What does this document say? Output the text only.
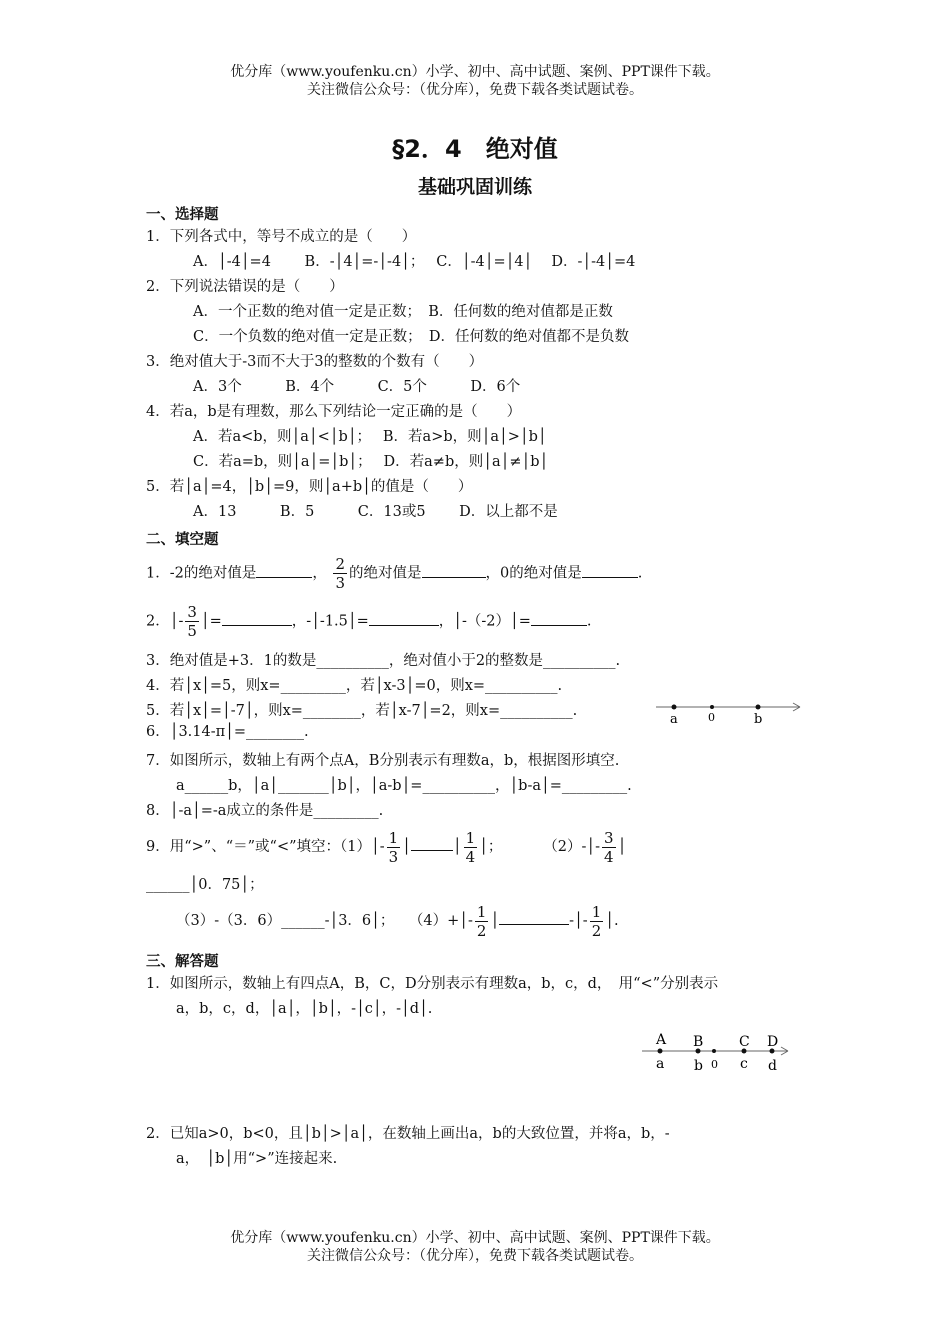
优分库（www.youfenku.cn）小学、初中、高中试题、案例、PPT课件下载。
关注微信公众号：（优分库），免费下载各类试题试卷。
§2．4　绝对值
基础巩固训练
一、选择题
1．下列各式中，等号不成立的是（　　）
A．│-4│=4　　 B．-│4│=-│-4│；　 C．│-4│=│4│　 D．-│-4│=4
2．下列说法错误的是（　　）
A．一个正数的绝对值一定是正数；　B．任何数的绝对值都是正数
C．一个负数的绝对值一定是正数；　D．任何数的绝对值都不是负数
3．绝对值大于-3而不大于3的整数的个数有（　　）
A．3个　　　B．4个　　　C．5个　　　D．6个
4．若a，b是有理数，那么下列结论一定正确的是（　　）
A．若a<b，则│a│<│b│；　 B．若a>b，则│a│>│b│
C．若a=b，则│a│=│b│；　 D．若a≠b，则│a│≠│b│
5．若│a│=4，│b│=9，则│a+b│的值是（　　）
A．13　　　B．5　　　C．13或5　　 D．以上都不是
二、填空题
1．-2的绝对值是	， $\frac{2}{3}$ 的绝对值是	，0的绝对值是	.
2．│- $\frac{3}{5}$ │=	，-│-1.5│=	，│-（-2）│=	.
3．绝对值是+3．1的数是__________，绝对值小于2的整数是__________.
4．若│x│=5，则x=_________，若│x-3│=0，则x=__________.
5．若│x│=│-7│，则x=________，若│x-7│=2，则x=__________.
6．│3.14-π│=________.
a	0	b
7．如图所示，数轴上有两个点A，B分别表示有理数a，b，根据图形填空.
a______b，│a│_______│b│，│a-b│=__________，│b-a│=_________.
8．│-a│=-a成立的条件是_________.
9．用“>”、“＝”或“<”填空：（1）│- $\frac{1}{3}$ │	│ $\frac{1}{4}$ │；　　　 （2）-│- $\frac{3}{4}$ │
______│0．75│；
（3）-（3．6）______-│3．6│；　　（4）+│- $\frac{1}{2}$ │	-│- $\frac{1}{2}$ │.
三、解答题
1．如图所示，数轴上有四点A，B，C，D分别表示有理数a，b，c，d，　用“<”分别表示
a，b，c，d，│a│，│b│，-│c│，-│d│.
A B	C D
a b 0 c d
2．已知a>0，b<0，且│b│>│a│，在数轴上画出a，b的大致位置，并将a，b，-
a，　│b│用“>”连接起来.
优分库（www.youfenku.cn）小学、初中、高中试题、案例、PPT课件下载。
关注微信公众号：（优分库），免费下载各类试题试卷。
